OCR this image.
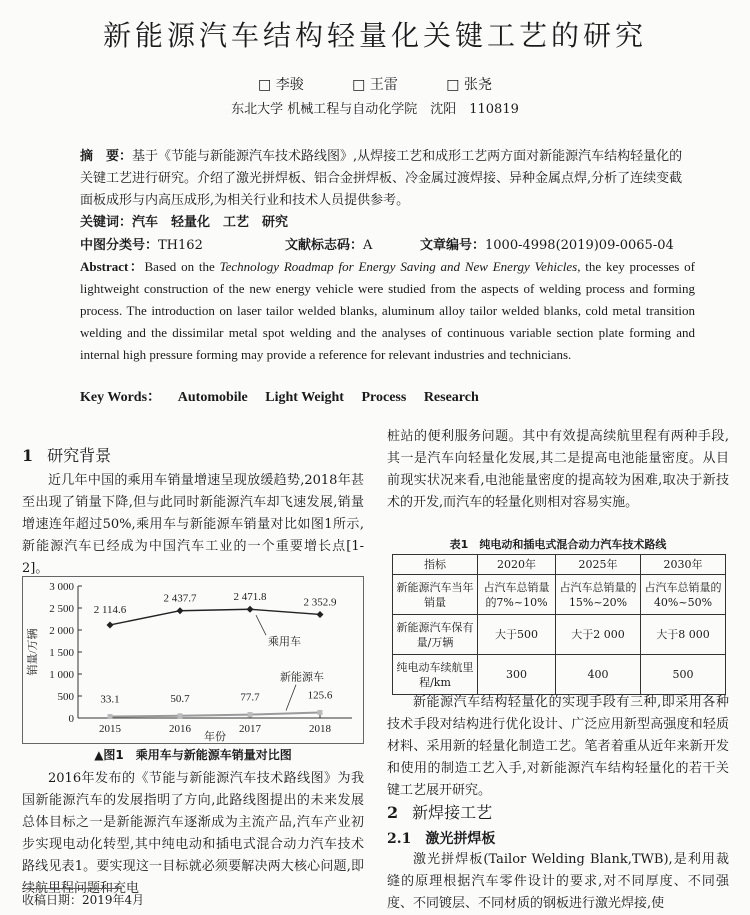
新能源汽车结构轻量化关键工艺的研究
□ 李骏	□ 王雷	□ 张尧
东北大学 机械工程与自动化学院　沈阳　110819
摘　要：基于《节能与新能源汽车技术路线图》,从焊接工艺和成形工艺两方面对新能源汽车结构轻量化的关键工艺进行研究。介绍了激光拼焊板、铝合金拼焊板、冷金属过渡焊接、异种金属点焊,分析了连续变截面板成形与内高压成形,为相关行业和技术人员提供参考。
关键词：汽车　轻量化　工艺　研究
中图分类号：TH162	文献标志码：A	文章编号：1000-4998(2019)09-0065-04
Abstract：Based on the Technology Roadmap for Energy Saving and New Energy Vehicles, the key processes of lightweight construction of the new energy vehicle were studied from the aspects of welding process and forming process. The introduction on laser tailor welded blanks, aluminum alloy tailor welded blanks, cold metal transition welding and the dissimilar metal spot welding and the analyses of continuous variable section plate forming and internal high pressure forming may provide a reference for relevant industries and technicians.
Key Words： Automobile Light Weight Process Research
1 研究背景
近几年中国的乘用车销量增速呈现放缓趋势,2018年甚至出现了销量下降,但与此同时新能源汽车却飞速发展,销量增速连年超过50%,乘用车与新能源车销量对比如图1所示,新能源汽车已经成为中国汽车工业的一个重要增长点[1-2]。
0
500
1 000
1 500
2 000
2 500
3 000
2015	2016	2017	2018
年份
销量/万辆
2 114.6
2 437.7	2 471.8	2 352.9
33.1	50.7	77.7	125.6
乘用车
新能源车
▲图1　乘用车与新能源车销量对比图
2016年发布的《节能与新能源汽车技术路线图》为我国新能源汽车的发展指明了方向,此路线图提出的未来发展总体目标之一是新能源汽车逐渐成为主流产品,汽车产业初步实现电动化转型,其中纯电动和插电式混合动力汽车技术路线见表1。要实现这一目标就必须要解决两大核心问题,即续航里程问题和充电
收稿日期：2019年4月
桩站的便利服务问题。其中有效提高续航里程有两种手段,其一是汽车向轻量化发展,其二是提高电池能量密度。从目前现实状况来看,电池能量密度的提高较为困难,取决于新技术的开发,而汽车的轻量化则相对容易实施。
表1　纯电动和插电式混合动力汽车技术路线
指标	2020年	2025年	2030年
新能源汽车当年销量	占汽车总销量的7%~10%	占汽车总销量的15%~20%	占汽车总销量的40%~50%
新能源汽车保有量/万辆	大于500	大于2 000	大于8 000
纯电动车续航里程/km	300	400	500
新能源汽车结构轻量化的实现手段有三种,即采用各种技术手段对结构进行优化设计、广泛应用新型高强度和轻质材料、采用新的轻量化制造工艺。笔者着重从近年来新开发和使用的制造工艺入手,对新能源汽车结构轻量化的若干关键工艺展开研究。
2 新焊接工艺
2.1 激光拼焊板
激光拼焊板(Tailor Welding Blank,TWB),是利用裁缝的原理根据汽车零件设计的要求,对不同厚度、不同强度、不同镀层、不同材质的钢板进行激光焊接,使
